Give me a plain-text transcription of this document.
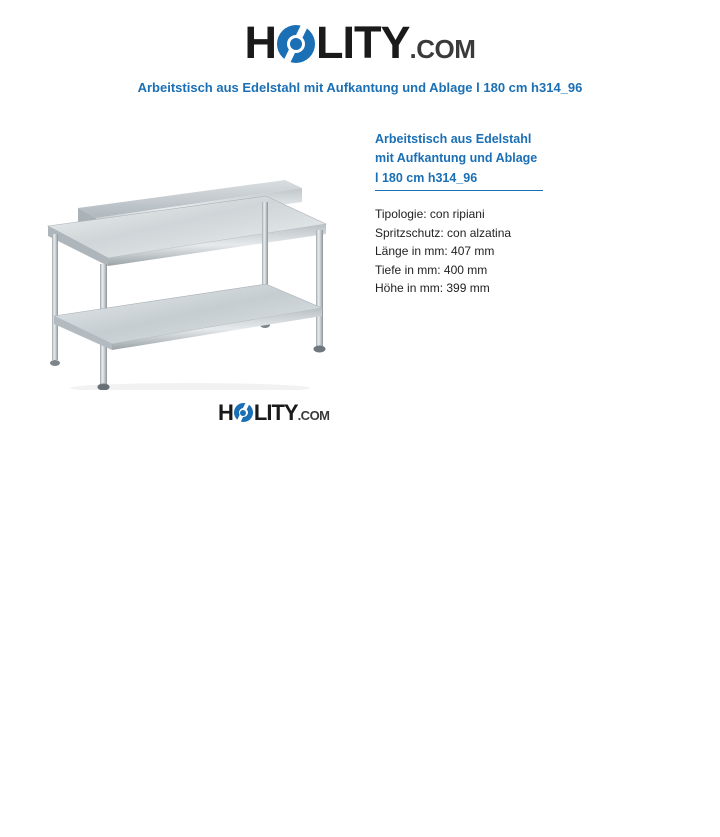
H LITY.COM
Arbeitstisch aus Edelstahl mit Aufkantung und Ablage l 180 cm h314_96
Arbeitstisch aus Edelstahl mit Aufkantung und Ablage l 180 cm h314_96
Tipologie: con ripiani
Spritzschutz: con alzatina
Länge in mm: 407 mm
Tiefe in mm: 400 mm
Höhe in mm: 399 mm
H LITY.COM
